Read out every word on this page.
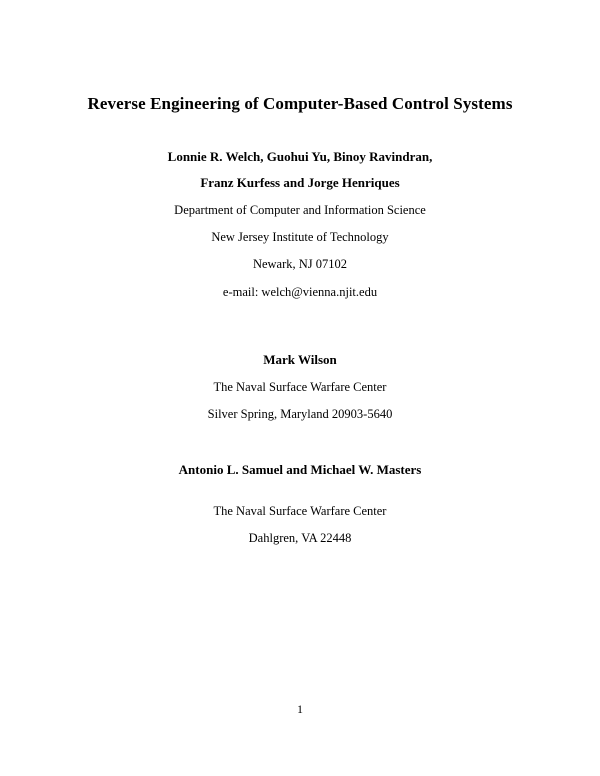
Reverse Engineering of Computer-Based Control Systems
Lonnie R. Welch, Guohui Yu, Binoy Ravindran,
Franz Kurfess and Jorge Henriques
Department of Computer and Information Science
New Jersey Institute of Technology
Newark, NJ 07102
e-mail: welch@vienna.njit.edu
Mark Wilson
The Naval Surface Warfare Center
Silver Spring, Maryland 20903-5640
Antonio L. Samuel and Michael W. Masters
The Naval Surface Warfare Center
Dahlgren, VA 22448
1
